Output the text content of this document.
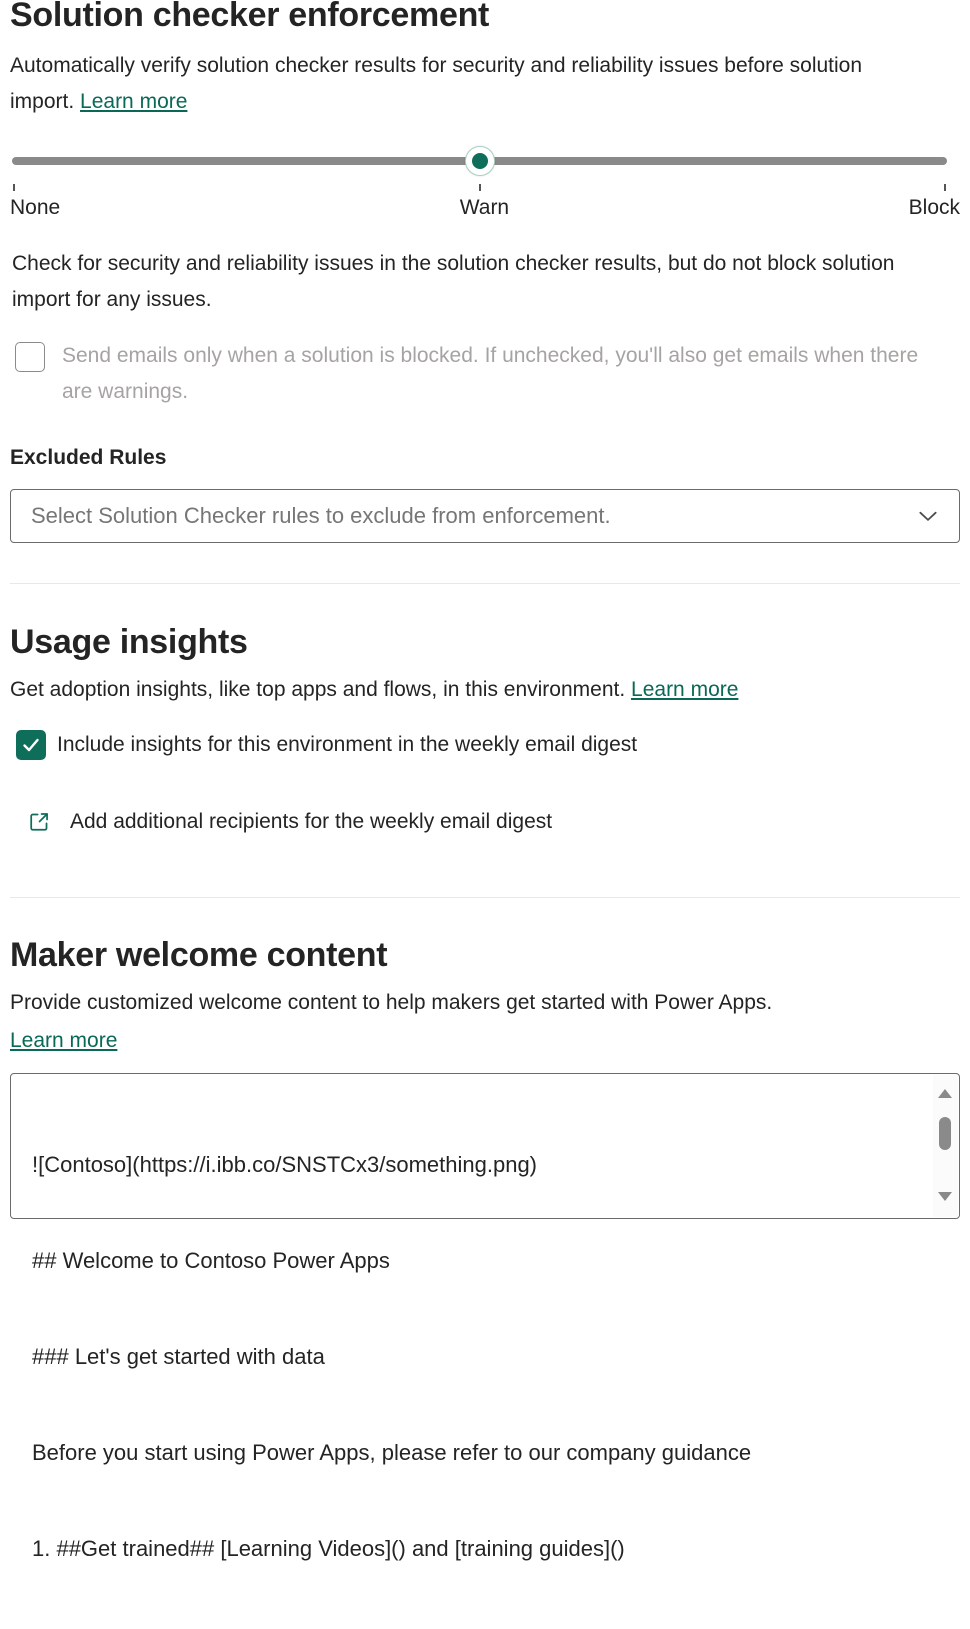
Solution checker enforcement

Automatically verify solution checker results for security and reliability issues before solution import. Learn more

None	Warn	Block

Check for security and reliability issues in the solution checker results, but do not block solution import for any issues.

Send emails only when a solution is blocked. If unchecked, you'll also get emails when there are warnings.
Excluded Rules
Select Solution Checker rules to exclude from enforcement.
Usage insights

Get adoption insights, like top apps and flows, in this environment. Learn more

Include insights for this environment in the weekly email digest
Add additional recipients for the weekly email digest
Maker welcome content

Provide customized welcome content to help makers get started with Power Apps.
Learn more

![Contoso](https://i.ibb.co/SNSTCx3/something.png)

## Welcome to Contoso Power Apps

### Let's get started with data

Before you start using Power Apps, please refer to our company guidance

1. ##Get trained## [Learning Videos]() and [training guides]()
